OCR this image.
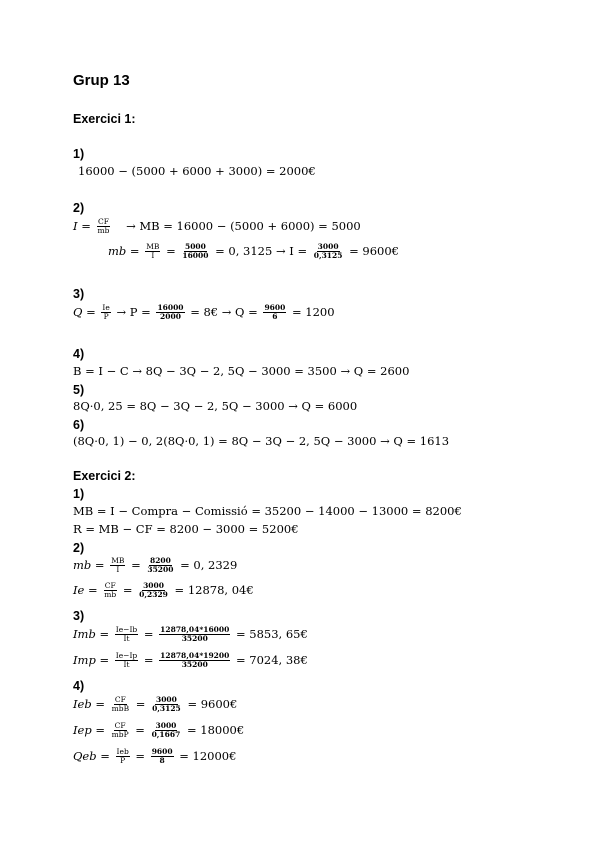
Grup 13
Exercici 1:
1)
16000 − (5000 + 6000 + 3000) = 2000€
2)
$I = \frac{CF}{mb}$ → MB = 16000 − (5000 + 6000) = 5000
mb = $\frac{MB}{I} = \frac{5000}{16000} = 0$, $3125 \to I = \frac{3000}{0,3125}$ = 9600€
3)
$Q = \frac{Ie}{P} \to P = \frac{16000}{2000}$ = 8€ → $Q = \frac{9600}{6} = 1200$
4)
B = I − C → 8Q − 3Q − 2, 5Q − 3000 = 3500 → Q = 2600
5)
8Q·0, 25 = 8Q − 3Q − 2, 5Q − 3000 → Q = 6000
6)
(8Q·0, 1) − 0, 2(8Q·0, 1) = 8Q − 3Q − 2, 5Q − 3000 → Q = 1613
Exercici 2:
1)
MB = I − Compra − Comissió = 35200 − 14000 − 13000 = 8200€
R = MB − CF = 8200 − 3000 = 5200€
2)
mb = $\frac{MB}{I} = \frac{8200}{35200} = 0$, 2329
$Ie = \frac{CF}{mb} = \frac{3000}{0,2329} = 12878$, 04€
3)
Imb = $\frac{Ie-Ib}{It} = \frac{12878,04*16000}{35200} = 5853$, 65€
Imp = $\frac{Ie-Ip}{It} = \frac{12878,04*19200}{35200} = 7024$, 38€
4)
Ieb = $\frac{CF}{\text{mbB}} = \frac{3000}{0,3125}$ = 9600€
Iep = $\frac{CF}{\text{mbP}} = \frac{3000}{0,1667}$ = 18000€
Qeb = $\frac{\text{Ieb}}{P} = \frac{9600}{8}$ = 12000€
